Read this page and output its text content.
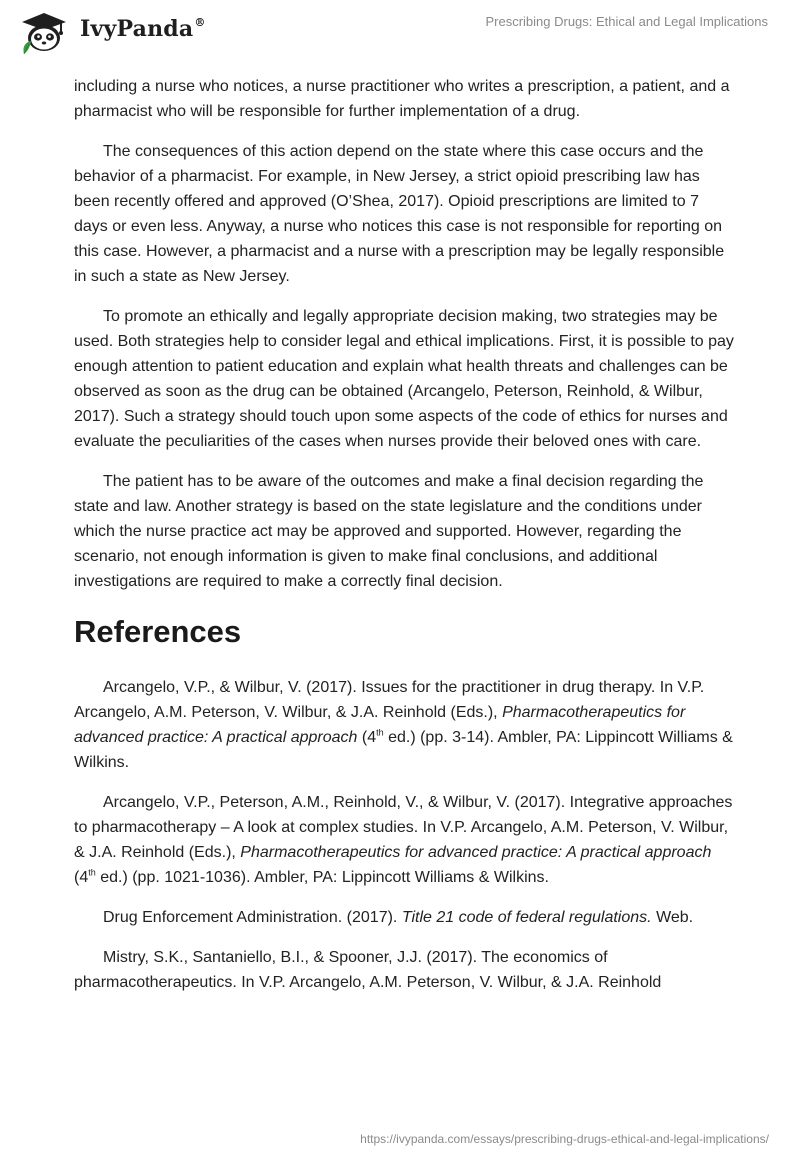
IvyPanda®	Prescribing Drugs: Ethical and Legal Implications

including a nurse who notices, a nurse practitioner who writes a prescription, a patient, and a pharmacist who will be responsible for further implementation of a drug.

The consequences of this action depend on the state where this case occurs and the behavior of a pharmacist. For example, in New Jersey, a strict opioid prescribing law has been recently offered and approved (O’Shea, 2017). Opioid prescriptions are limited to 7 days or even less. Anyway, a nurse who notices this case is not responsible for reporting on this case. However, a pharmacist and a nurse with a prescription may be legally responsible in such a state as New Jersey.

To promote an ethically and legally appropriate decision making, two strategies may be used. Both strategies help to consider legal and ethical implications. First, it is possible to pay enough attention to patient education and explain what health threats and challenges can be observed as soon as the drug can be obtained (Arcangelo, Peterson, Reinhold, & Wilbur, 2017). Such a strategy should touch upon some aspects of the code of ethics for nurses and evaluate the peculiarities of the cases when nurses provide their beloved ones with care.

The patient has to be aware of the outcomes and make a final decision regarding the state and law. Another strategy is based on the state legislature and the conditions under which the nurse practice act may be approved and supported. However, regarding the scenario, not enough information is given to make final conclusions, and additional investigations are required to make a correctly final decision.

References

Arcangelo, V.P., & Wilbur, V. (2017). Issues for the practitioner in drug therapy. In V.P. Arcangelo, A.M. Peterson, V. Wilbur, & J.A. Reinhold (Eds.), Pharmacotherapeutics for advanced practice: A practical approach (4th ed.) (pp. 3-14). Ambler, PA: Lippincott Williams & Wilkins.

Arcangelo, V.P., Peterson, A.M., Reinhold, V., & Wilbur, V. (2017). Integrative approaches to pharmacotherapy – A look at complex studies. In V.P. Arcangelo, A.M. Peterson, V. Wilbur, & J.A. Reinhold (Eds.), Pharmacotherapeutics for advanced practice: A practical approach (4th ed.) (pp. 1021-1036). Ambler, PA: Lippincott Williams & Wilkins.

Drug Enforcement Administration. (2017). Title 21 code of federal regulations. Web.

Mistry, S.K., Santaniello, B.I., & Spooner, J.J. (2017). The economics of pharmacotherapeutics. In V.P. Arcangelo, A.M. Peterson, V. Wilbur, & J.A. Reinhold

https://ivypanda.com/essays/prescribing-drugs-ethical-and-legal-implications/
